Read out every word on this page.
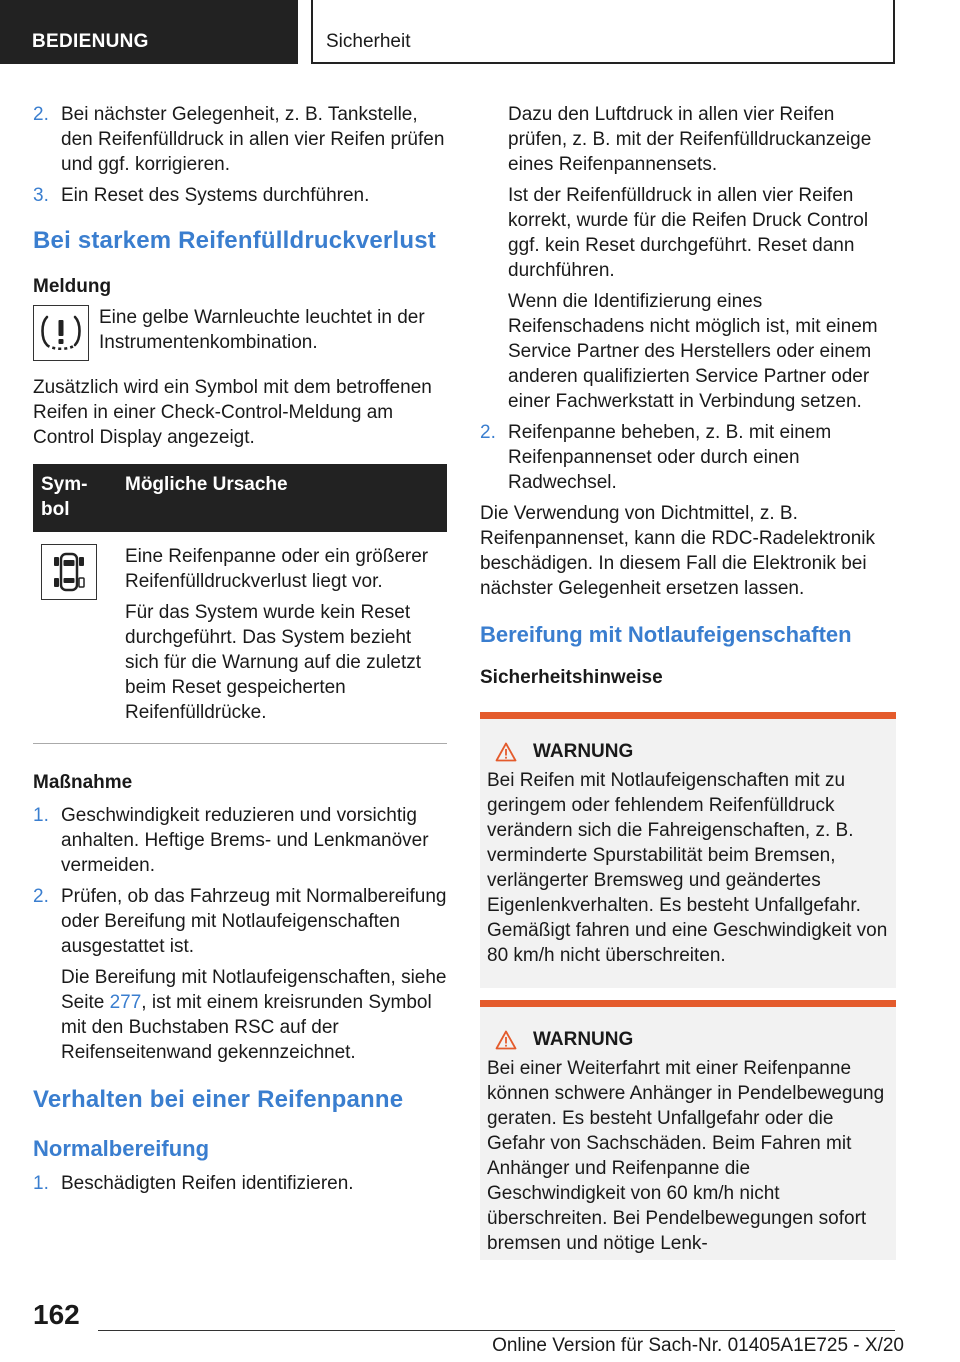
BEDIENUNG	Sicherheit
2. Bei nächster Gelegenheit, z. B. Tankstelle, den Reifenfülldruck in allen vier Reifen prüfen und ggf. korrigieren.

3. Ein Reset des Systems durchführen.

Bei starkem Reifenfülldruckverlust
Meldung

Eine gelbe Warnleuchte leuchtet in der Instrumentenkombination.

Zusätzlich wird ein Symbol mit dem betroffenen Reifen in einer Check-Control-Meldung am Control Display angezeigt.

Sym-
bol	Mögliche Ursache

Eine Reifenpanne oder ein größerer Reifenfülldruckverlust liegt vor.

Für das System wurde kein Reset durchgeführt. Das System bezieht sich für die Warnung auf die zuletzt beim Reset gespeicherten Reifenfülldrücke.

Maßnahme
1. Geschwindigkeit reduzieren und vorsichtig anhalten. Heftige Brems- und Lenkmanöver vermeiden.

2. Prüfen, ob das Fahrzeug mit Normalbereifung oder Bereifung mit Notlaufeigenschaften ausgestattet ist.

Die Bereifung mit Notlaufeigenschaften, siehe Seite 277, ist mit einem kreisrunden Symbol mit den Buchstaben RSC auf der Reifenseitenwand gekennzeichnet.

Verhalten bei einer Reifenpanne
Normalbereifung
1. Beschädigten Reifen identifizieren.

Dazu den Luftdruck in allen vier Reifen prüfen, z. B. mit der Reifenfülldruckanzeige eines Reifenpannensets.

Ist der Reifenfülldruck in allen vier Reifen korrekt, wurde für die Reifen Druck Control ggf. kein Reset durchgeführt. Reset dann durchführen.

Wenn die Identifizierung eines Reifenschadens nicht möglich ist, mit einem Service Partner des Herstellers oder einem anderen qualifizierten Service Partner oder einer Fachwerkstatt in Verbindung setzen.

2. Reifenpanne beheben, z. B. mit einem Reifenpannenset oder durch einen Radwechsel.

Die Verwendung von Dichtmittel, z. B. Reifenpannenset, kann die RDC-Radelektronik beschädigen. In diesem Fall die Elektronik bei nächster Gelegenheit ersetzen lassen.

Bereifung mit Notlaufeigenschaften
Sicherheitshinweise
WARNUNG

Bei Reifen mit Notlaufeigenschaften mit zu geringem oder fehlendem Reifenfülldruck verändern sich die Fahreigenschaften, z. B. verminderte Spurstabilität beim Bremsen, verlängerter Bremsweg und geändertes Eigenlenkverhalten. Es besteht Unfallgefahr. Gemäßigt fahren und eine Geschwindigkeit von 80 km/h nicht überschreiten.

WARNUNG

Bei einer Weiterfahrt mit einer Reifenpanne können schwere Anhänger in Pendelbewegung geraten. Es besteht Unfallgefahr oder die Gefahr von Sachschäden. Beim Fahren mit Anhänger und Reifenpanne die Geschwindigkeit von 60 km/h nicht überschreiten. Bei Pendelbewegungen sofort bremsen und nötige Lenk-

162
Online Version für Sach-Nr. 01405A1E725 - X/20
